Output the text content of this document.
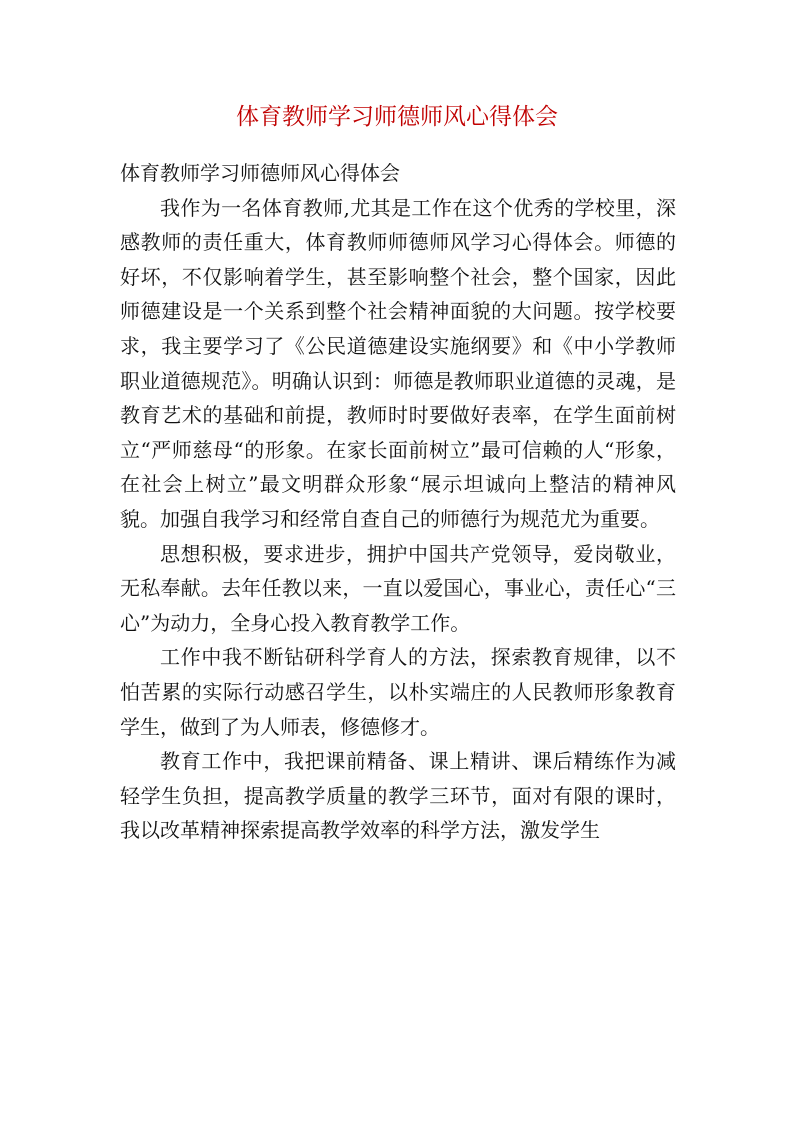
体育教师学习师德师风心得体会

体育教师学习师德师风心得体会

我作为一名体育教师,尤其是工作在这个优秀的学校里，深感教师的责任重大，体育教师师德师风学习心得体会。师德的好坏，不仅影响着学生，甚至影响整个社会，整个国家，因此师德建设是一个关系到整个社会精神面貌的大问题。按学校要求，我主要学习了《公民道德建设实施纲要》和《中小学教师职业道德规范》。明确认识到：师德是教师职业道德的灵魂，是教育艺术的基础和前提，教师时时要做好表率，在学生面前树立“严师慈母“的形象。在家长面前树立”最可信赖的人“形象，在社会上树立”最文明群众形象“展示坦诚向上整洁的精神风貌。加强自我学习和经常自查自己的师德行为规范尤为重要。

思想积极，要求进步，拥护中国共产党领导，爱岗敬业，无私奉献。去年任教以来，一直以爱国心，事业心，责任心“三心”为动力，全身心投入教育教学工作。

工作中我不断钻研科学育人的方法，探索教育规律，以不怕苦累的实际行动感召学生，以朴实端庄的人民教师形象教育学生，做到了为人师表，修德修才。

教育工作中，我把课前精备、课上精讲、课后精练作为减轻学生负担，提高教学质量的教学三环节，面对有限的课时，我以改革精神探索提高教学效率的科学方法，激发学生
